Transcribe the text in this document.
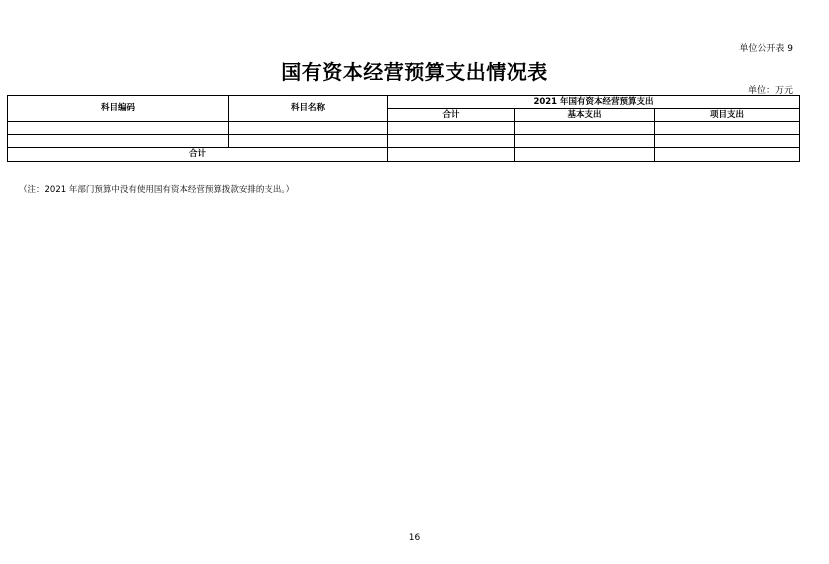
单位公开表 9
国有资本经营预算支出情况表
单位：万元
科目编码	科目名称	2021 年国有资本经营预算支出		
		合计	基本支出	项目支出

合计				
（注：2021 年部门预算中没有使用国有资本经营预算拨款安排的支出。）
16
